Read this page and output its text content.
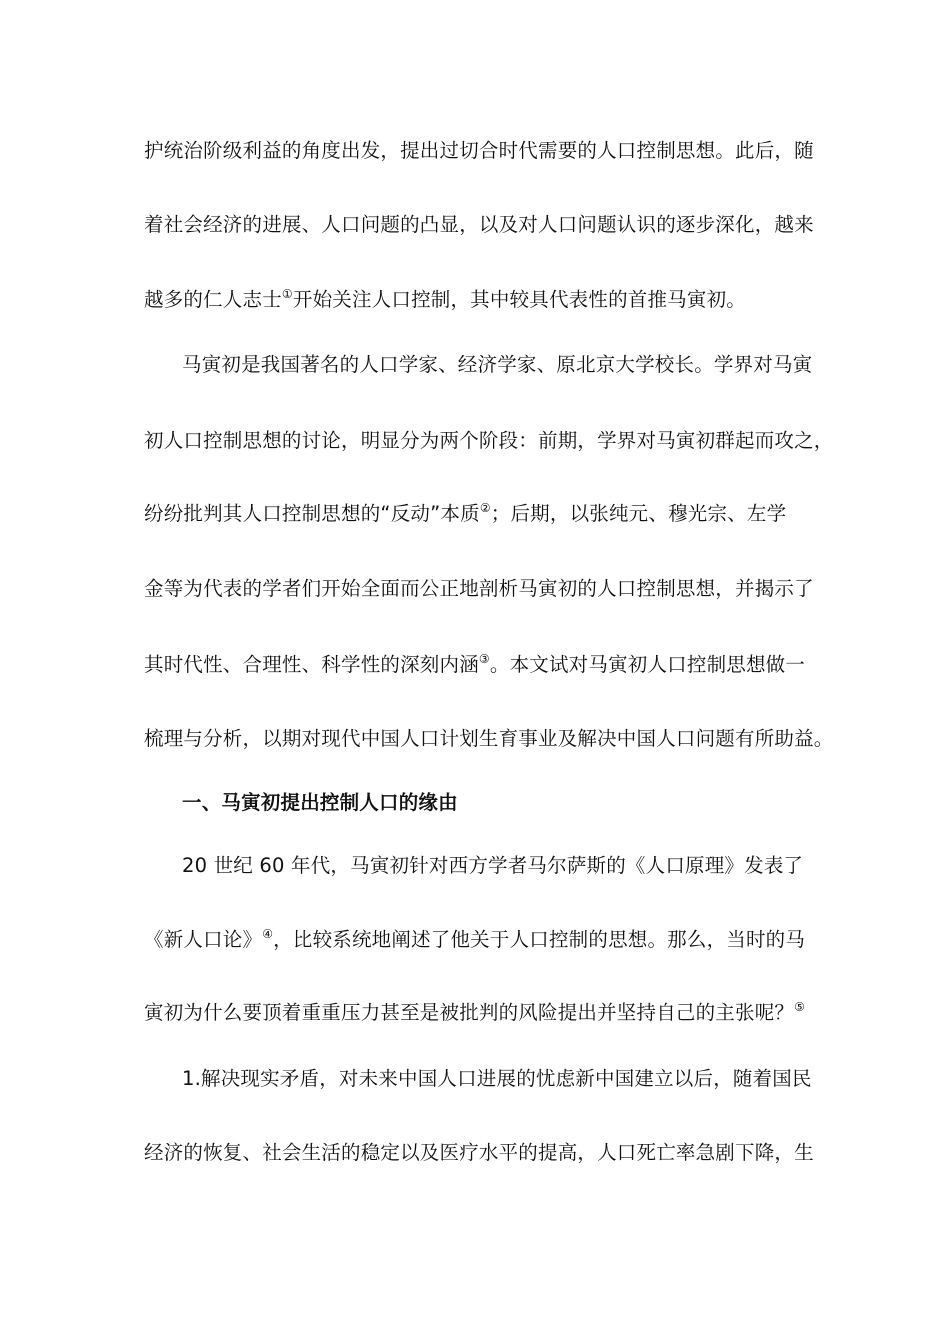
护统治阶级利益的角度出发，提出过切合时代需要的人口控制思想。此后，随

着社会经济的进展、人口问题的凸显，以及对人口问题认识的逐步深化，越来

越多的仁人志士①开始关注人口控制，其中较具代表性的首推马寅初。

马寅初是我国著名的人口学家、经济学家、原北京大学校长。学界对马寅

初人口控制思想的讨论，明显分为两个阶段：前期，学界对马寅初群起而攻之，

纷纷批判其人口控制思想的“反动”本质②；后期，以张纯元、穆光宗、左学

金等为代表的学者们开始全面而公正地剖析马寅初的人口控制思想，并揭示了

其时代性、合理性、科学性的深刻内涵③。本文试对马寅初人口控制思想做一

梳理与分析，以期对现代中国人口计划生育事业及解决中国人口问题有所助益。

一、马寅初提出控制人口的缘由

20 世纪 60 年代，马寅初针对西方学者马尔萨斯的《人口原理》发表了

《新人口论》④，比较系统地阐述了他关于人口控制的思想。那么，当时的马

寅初为什么要顶着重重压力甚至是被批判的风险提出并坚持自己的主张呢？⑤

1.解决现实矛盾，对未来中国人口进展的忧虑新中国建立以后，随着国民

经济的恢复、社会生活的稳定以及医疗水平的提高，人口死亡率急剧下降，生
